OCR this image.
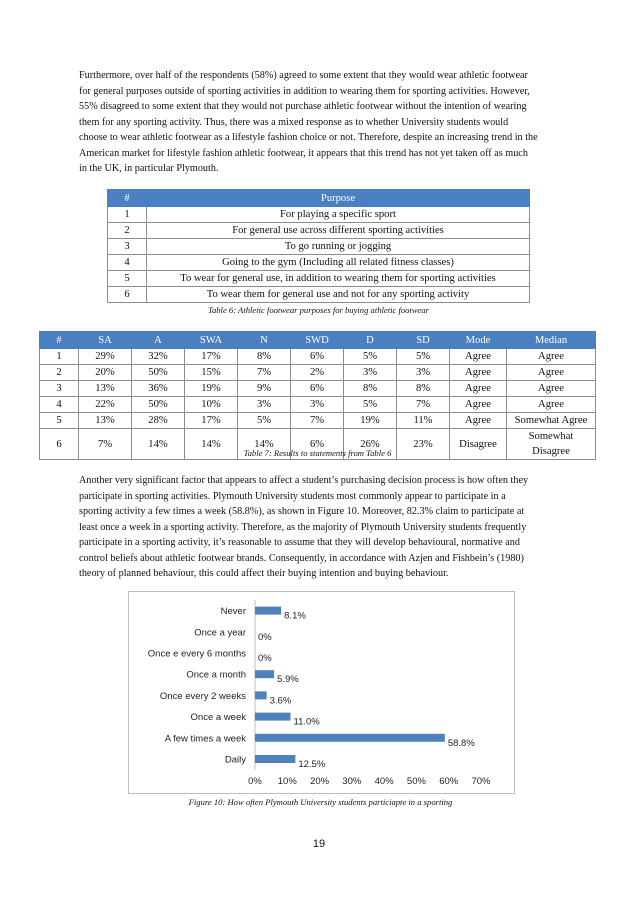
Furthermore, over half of the respondents (58%) agreed to some extent that they would wear athletic footwear

for general purposes outside of sporting activities in addition to wearing them for sporting activities. However,

55% disagreed to some extent that they would not purchase athletic footwear without the intention of wearing

them for any sporting activity. Thus, there was a mixed response as to whether University students would

choose to wear athletic footwear as a lifestyle fashion choice or not. Therefore, despite an increasing trend in the

American market for lifestyle fashion athletic footwear, it appears that this trend has not yet taken off as much

in the UK, in particular Plymouth.

#	Purpose
1	For playing a specific sport
2	For general use across different sporting activities
3	To go running or jogging
4	Going to the gym (Including all related fitness classes)
5	To wear for general use, in addition to wearing them for sporting activities
6	To wear them for general use and not for any sporting activity
Table 6: Athletic footwear purposes for buying athletic footwear
#	SA	A	SWA	N	SWD	D	SD	Mode	Median
1	29%	32%	17%	8%	6%	5%	5%	Agree	Agree
2	20%	50%	15%	7%	2%	3%	3%	Agree	Agree
3	13%	36%	19%	9%	6%	8%	8%	Agree	Agree
4	22%	50%	10%	3%	3%	5%	7%	Agree	Agree
5	13%	28%	17%	5%	7%	19%	11%	Agree	Somewhat Agree
6	7%	14%	14%	14%	6%	26%	23%	Disagree	Somewhat Disagree
Table 7: Results to statements from Table 6

Another very significant factor that appears to affect a student’s purchasing decision process is how often they

participate in sporting activities. Plymouth University students most commonly appear to participate in a

sporting activity a few times a week (58.8%), as shown in Figure 10. Moreover, 82.3% claim to participate at

least once a week in a sporting activity. Therefore, as the majority of Plymouth University students frequently

participate in a sporting activity, it’s reasonable to assume that they will develop behavioural, normative and

control beliefs about athletic footwear brands. Consequently, in accordance with Azjen and Fishbein’s (1980)

theory of planned behaviour, this could affect their buying intention and buying behaviour.

Never	8.1%
Once a year 0%
Once e every 6 months 0%
Once a month	5.9%
Once every 2 weeks 3.6%
Once a week	11.0%
A few times a week	58.8%
Daily	12.5%
0% 10% 20% 30% 40% 50% 60% 70%
Figure 10: How often Plymouth University students particiapte in a sporting
19
